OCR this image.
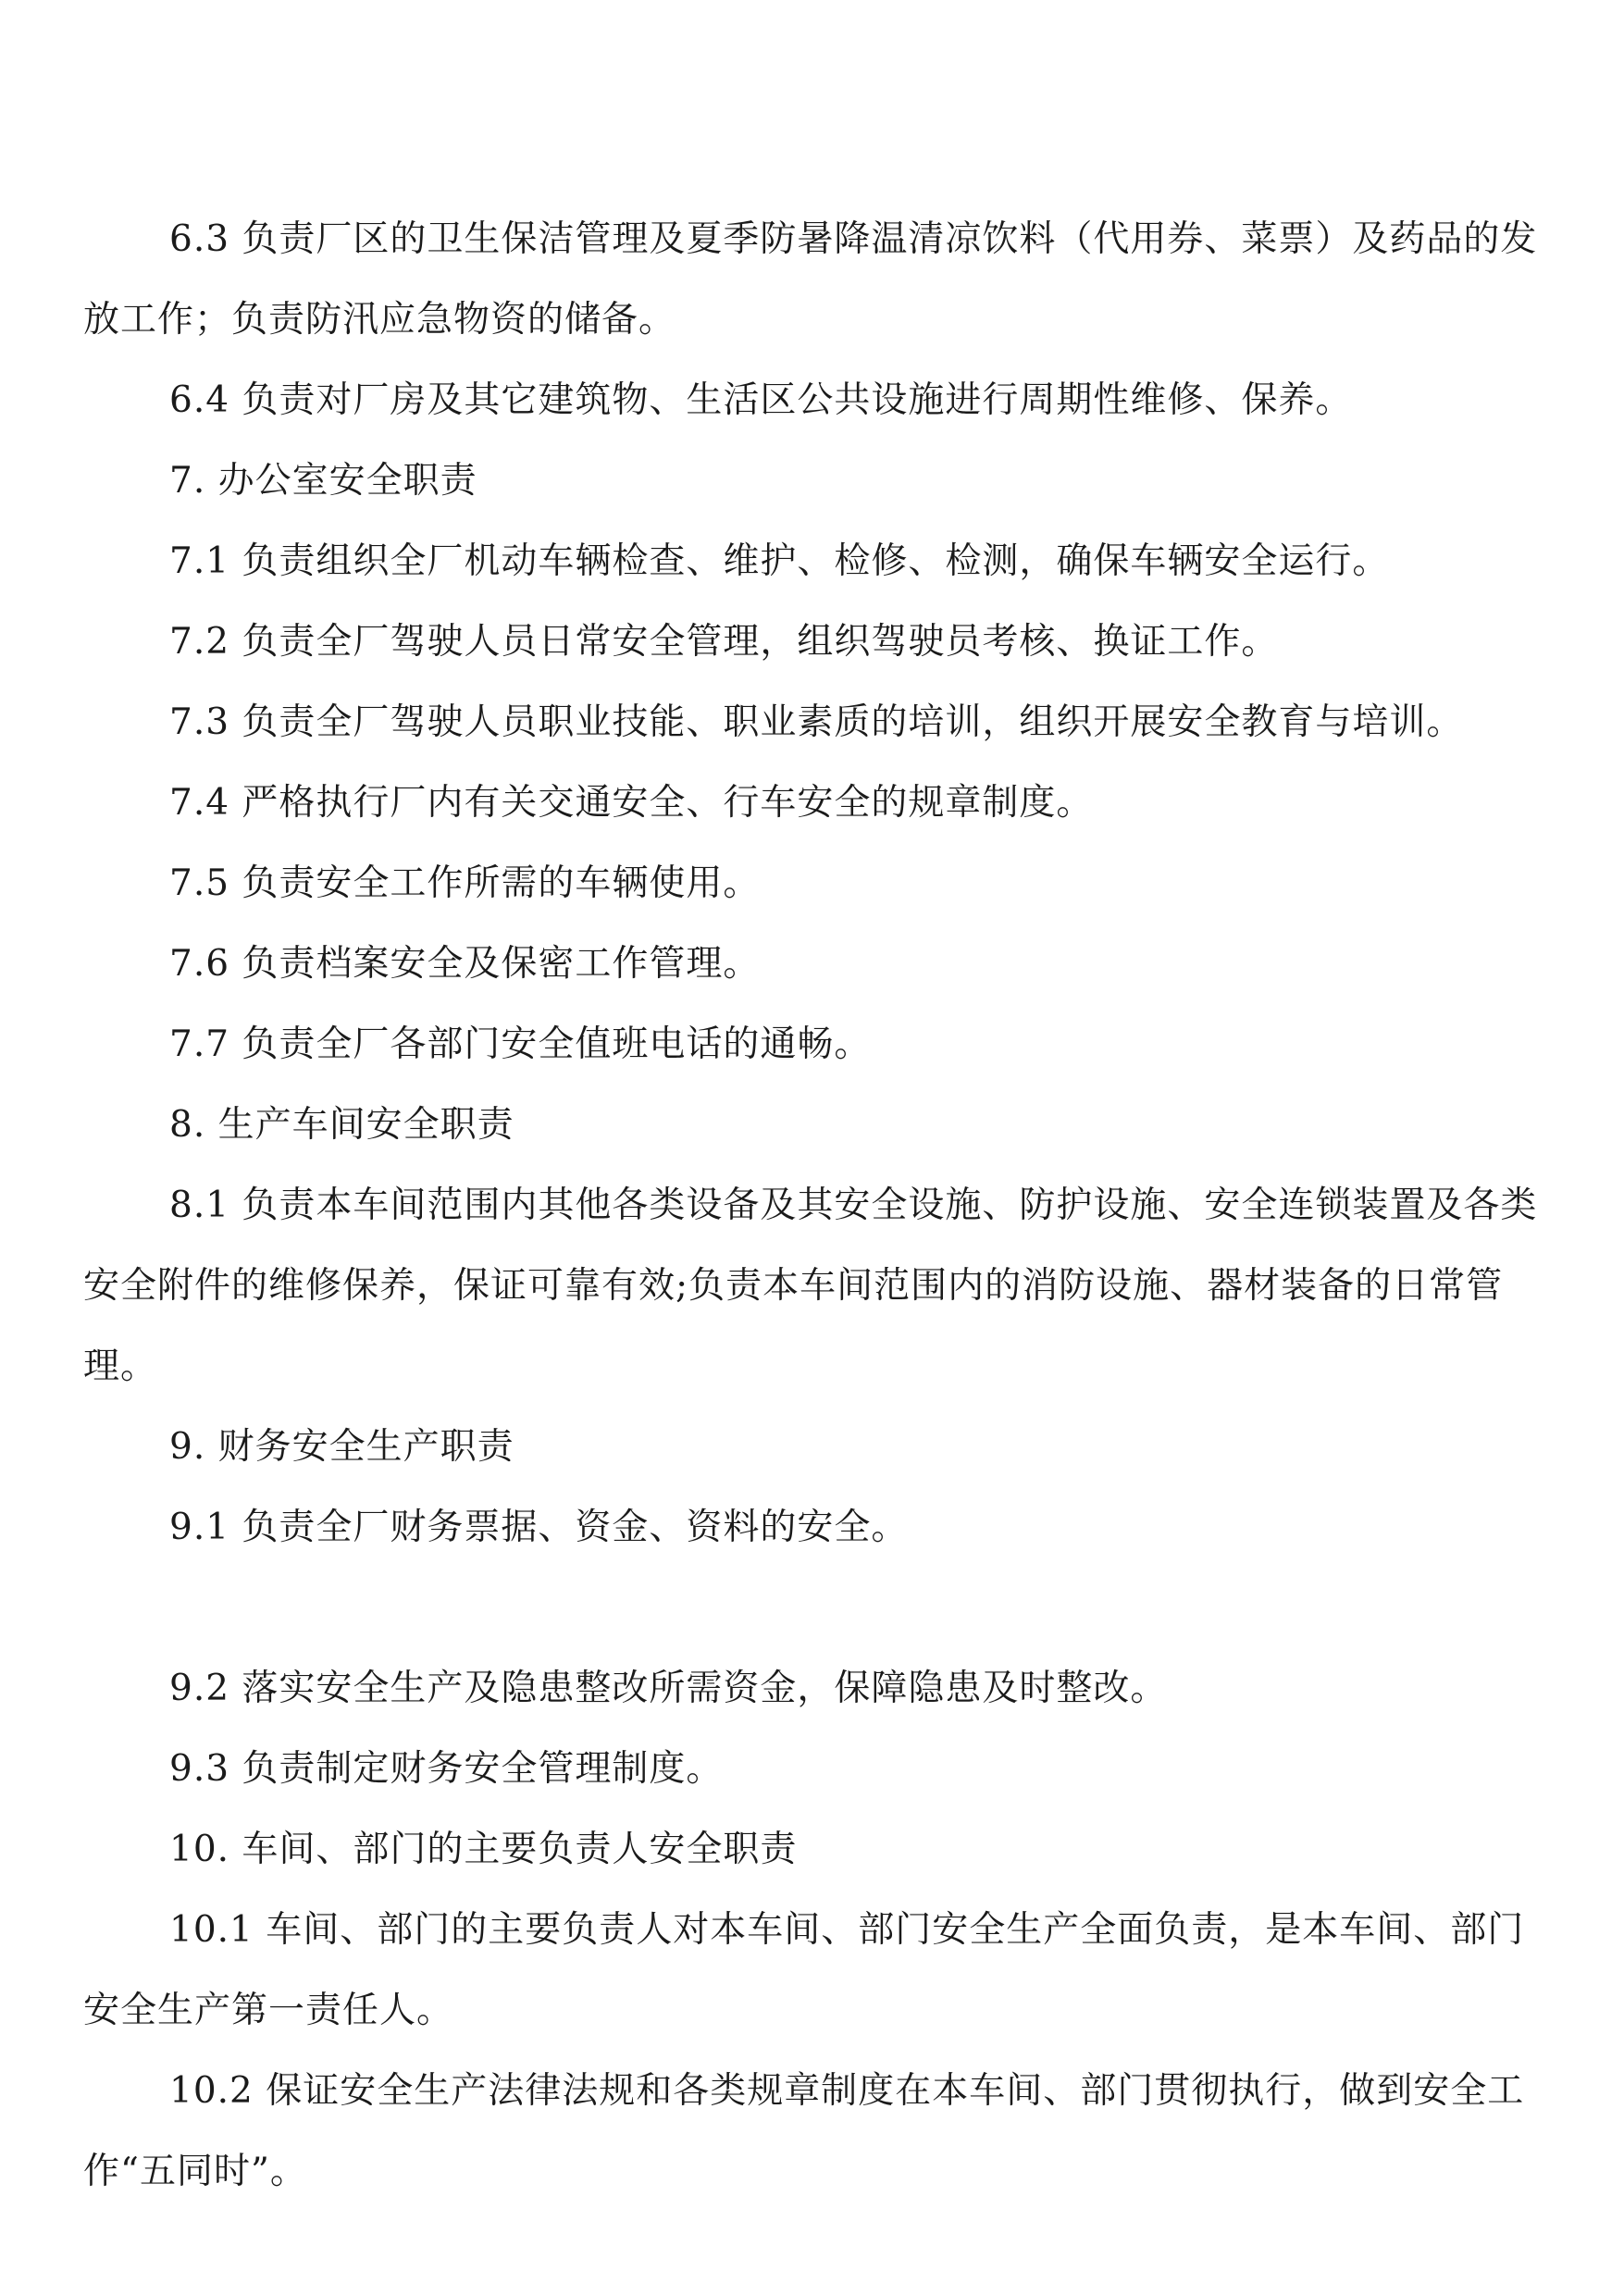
6.3 负责厂区的卫生保洁管理及夏季防暑降温清凉饮料（代用券、菜票）及药品的发放工作；负责防汛应急物资的储备。

6.4 负责对厂房及其它建筑物、生活区公共设施进行周期性维修、保养。

7. 办公室安全职责

7.1 负责组织全厂机动车辆检查、维护、检修、检测，确保车辆安全运行。

7.2 负责全厂驾驶人员日常安全管理，组织驾驶员考核、换证工作。

7.3 负责全厂驾驶人员职业技能、职业素质的培训，组织开展安全教育与培训。

7.4 严格执行厂内有关交通安全、行车安全的规章制度。

7.5 负责安全工作所需的车辆使用。

7.6 负责档案安全及保密工作管理。

7.7 负责全厂各部门安全值班电话的通畅。

8. 生产车间安全职责

8.1 负责本车间范围内其他各类设备及其安全设施、防护设施、安全连锁装置及各类安全附件的维修保养，保证可靠有效;负责本车间范围内的消防设施、器材装备的日常管理。

9. 财务安全生产职责

9.1 负责全厂财务票据、资金、资料的安全。

9.2 落实安全生产及隐患整改所需资金，保障隐患及时整改。

9.3 负责制定财务安全管理制度。

10. 车间、部门的主要负责人安全职责

10.1 车间、部门的主要负责人对本车间、部门安全生产全面负责，是本车间、部门安全生产第一责任人。

10.2 保证安全生产法律法规和各类规章制度在本车间、部门贯彻执行，做到安全工作“五同时”。
